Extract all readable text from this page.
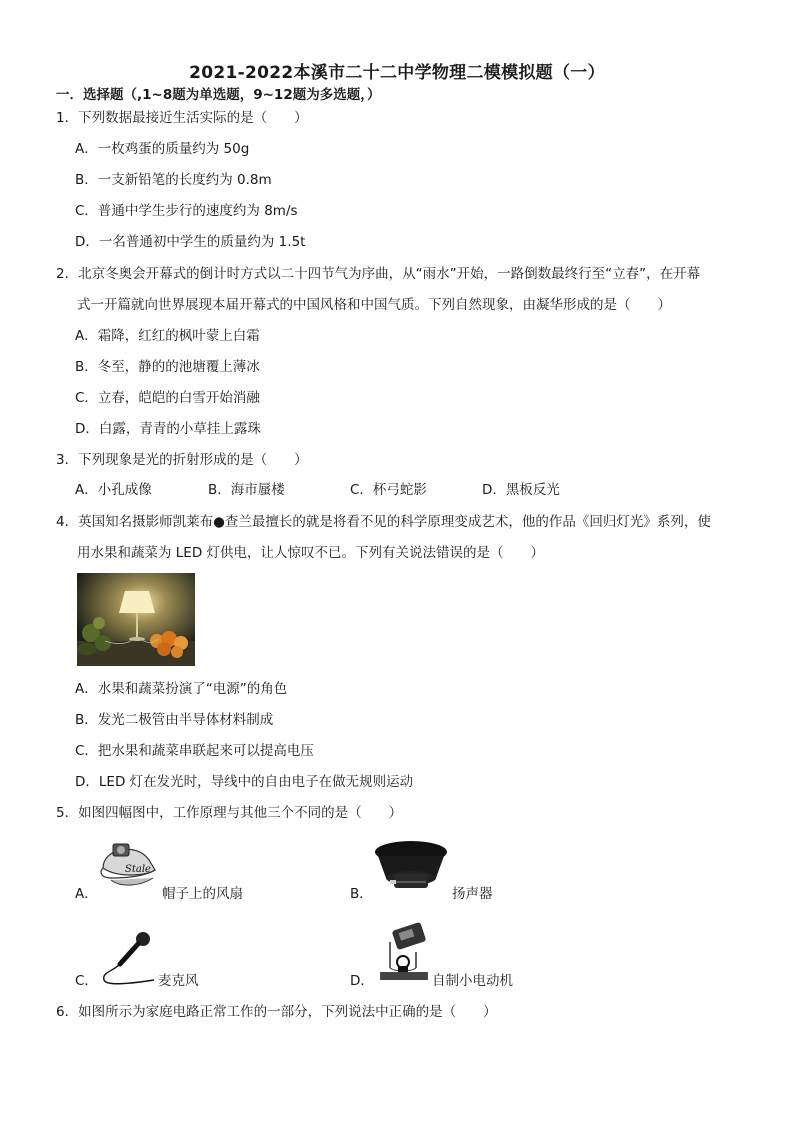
2021-2022本溪市二十二中学物理二模模拟题（一）
一．选择题（,1~8题为单选题，9~12题为多选题，）
1．下列数据最接近生活实际的是（　　）
A．一枚鸡蛋的质量约为 50g
B．一支新铅笔的长度约为 0.8m
C．普通中学生步行的速度约为 8m/s
D．一名普通初中学生的质量约为 1.5t
2．北京冬奥会开幕式的倒计时方式以二十四节气为序曲，从“雨水”开始，一路倒数最终行至“立春”，在开幕
式一开篇就向世界展现本届开幕式的中国风格和中国气质。下列自然现象，由凝华形成的是（　　）
A．霜降，红红的枫叶蒙上白霜
B．冬至，静的的池塘覆上薄冰
C．立春，皑皑的白雪开始消融
D．白露，青青的小草挂上露珠
3．下列现象是光的折射形成的是（　　）
A．小孔成像	B．海市蜃楼	C．杯弓蛇影	D．黑板反光
4．英国知名摄影师凯莱布●查兰最擅长的就是将看不见的科学原理变成艺术，他的作品《回归灯光》系列，使
用水果和蔬菜为 LED 灯供电，让人惊叹不已。下列有关说法错误的是（　　）
A．水果和蔬菜扮演了“电源”的角色
B．发光二极管由半导体材料制成
C．把水果和蔬菜串联起来可以提高电压
D．LED 灯在发光时，导线中的自由电子在做无规则运动
5．如图四幅图中，工作原理与其他三个不同的是（　　）
A．
Stale
帽子上的风扇	B．	扬声器
C．	麦克风	D．	自制小电动机
6．如图所示为家庭电路正常工作的一部分，下列说法中正确的是（　　）
